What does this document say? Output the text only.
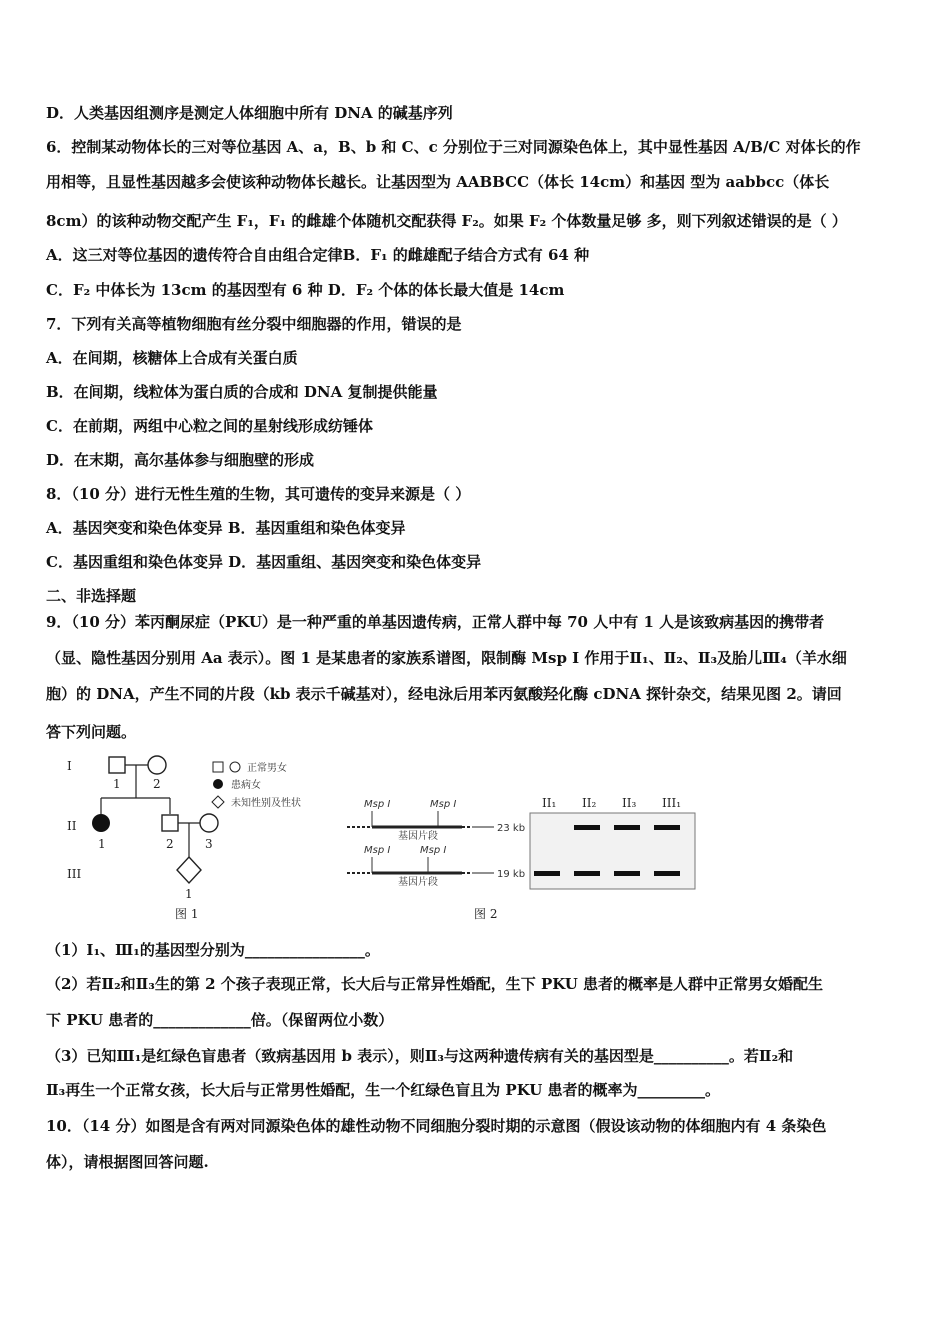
D．人类基因组测序是测定人体细胞中所有 DNA 的碱基序列
6．控制某动物体长的三对等位基因 A、a，B、b 和 C、c 分别位于三对同源染色体上，其中显性基因 A/B/C 对体长的作
用相等，且显性基因越多会使该种动物体长越长。让基因型为 AABBCC（体长 14cm）和基因 型为 aabbcc（体长
8cm）的该种动物交配产生 F₁，F₁ 的雌雄个体随机交配获得 F₂。如果 F₂ 个体数量足够 多，则下列叙述错误的是（ ）
A．这三对等位基因的遗传符合自由组合定律B．F₁ 的雌雄配子结合方式有 64 种
C．F₂ 中体长为 13cm 的基因型有 6 种 D．F₂ 个体的体长最大值是 14cm
7．下列有关高等植物细胞有丝分裂中细胞器的作用，错误的是
A．在间期，核糖体上合成有关蛋白质
B．在间期，线粒体为蛋白质的合成和 DNA 复制提供能量
C．在前期，两组中心粒之间的星射线形成纺锤体
D．在末期，高尔基体参与细胞壁的形成
8．（10 分）进行无性生殖的生物，其可遗传的变异来源是（ ）
A．基因突变和染色体变异 B．基因重组和染色体变异
C．基因重组和染色体变异 D．基因重组、基因突变和染色体变异
二、非选择题
9．（10 分）苯丙酮尿症（PKU）是一种严重的单基因遗传病，正常人群中每 70 人中有 1 人是该致病基因的携带者
（显、隐性基因分别用 Aa 表示）。图 1 是某患者的家族系谱图，限制酶 Msp I 作用于Ⅱ₁、Ⅱ₂、Ⅱ₃及胎儿Ⅲ₄（羊水细
胞）的 DNA，产生不同的片段（kb 表示千碱基对），经电泳后用苯丙氨酸羟化酶 cDNA 探针杂交，结果见图 2。请回
答下列问题。
（1）I₁、Ⅲ₁的基因型分别为________________。
（2）若Ⅱ₂和Ⅱ₃生的第 2 个孩子表现正常，长大后与正常异性婚配，生下 PKU 患者的概率是人群中正常男女婚配生
下 PKU 患者的_____________倍。（保留两位小数）
（3）已知Ⅲ₁是红绿色盲患者（致病基因用 b 表示），则Ⅱ₃与这两种遗传病有关的基因型是__________。若Ⅱ₂和
Ⅱ₃再生一个正常女孩，长大后与正常男性婚配，生一个红绿色盲且为 PKU 患者的概率为_________。
10．（14 分）如图是含有两对同源染色体的雄性动物不同细胞分裂时期的示意图（假设该动物的体细胞内有 4 条染色
体），请根据图回答问题.
I
II
III
1	2
1	2	3
1
正常男女
患病女
未知性别及性状
图 1
Msp I	Msp I
基因片段
23 kb
Msp I	Msp I
基因片段
19 kb
II₁ II₂ II₃ III₁
图 2
